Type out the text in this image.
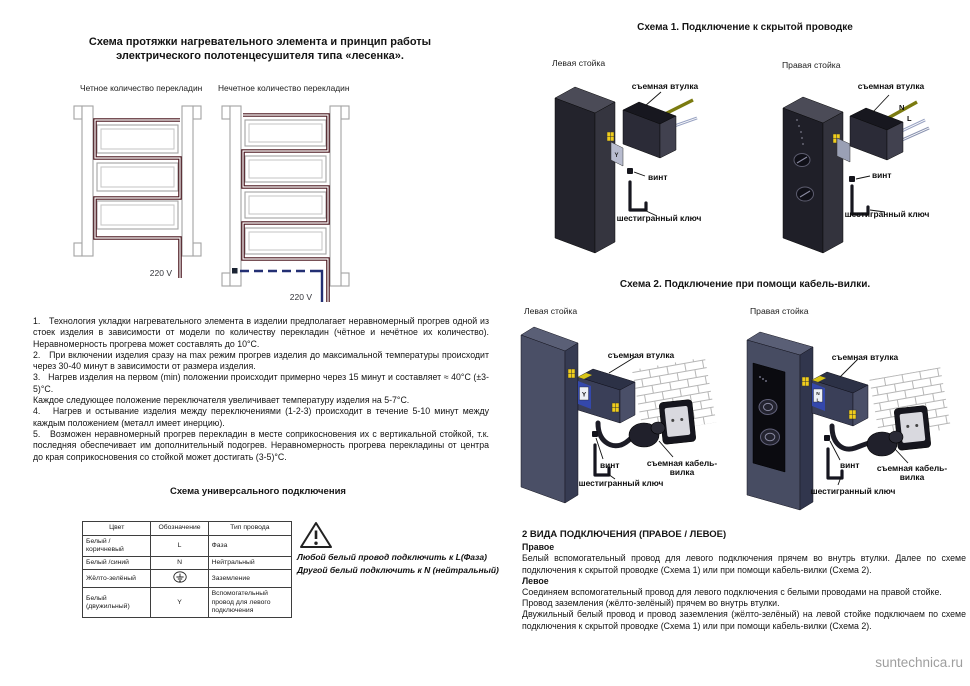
Схема протяжки нагревательного элемента и принцип работы электрического полотенцесушителя типа «лесенка».
Четное количество перекладин Нечетное количество перекладин
220 V
220 V

1.   Технология укладки нагревательного элемента в изделии предполагает неравномерный прогрев одной из стоек изделия в зависимости от модели по количеству перекладин (чётное и нечётное их количество). Неравномерность прогрева может составлять до 10°С.

2.   При включении изделия сразу на max режим прогрев изделия до максимальной температуры происходит через 30-40 минут в зависимости от размера изделия.

3.   Нагрев изделия на первом (min) положении происходит примерно через 15 минут и составляет ≈ 40°С (±3-5)°С.

Каждое следующее положение переключателя увеличивает температуру изделия на 5-7°С.

4.   Нагрев и остывание изделия между переключениями (1-2-3) происходит в течение 5-10 минут между каждым положением (металл имеет инерцию).

5.   Возможен неравномерный прогрев перекладин в месте соприкосновения их с вертикальной стойкой, т.к. последняя обеспечивает им дополнительный подогрев. Неравномерность прогрева перекладины от центра до края соприкосновения со стойкой может достигать (3-5)°С.

Схема универсального подключения
Цвет	Обозначение	Тип провода
Белый /коричневый	L	Фаза
Белый /синий	N	Нейтральный
Жёлто-зелёный		Заземление
Белый (двужильный)	Y	Вспомогательный провод для левого подключения
Любой белый провод подключить к L(Фаза)
Другой белый подключить к N (нейтральный)
Схема 1. Подключение к скрытой проводке
Левая стойка	Правая стойка
Y
съемная втулка	съемная втулка
винт	винт
шестигранный ключ	шестигранный ключ
N
L
Схема 2. Подключение при помощи кабель-вилки.
Левая стойка	Правая стойка
Y	N
L
съемная втулка	съемная втулка
винт	винт
шестигранный ключ
шестигранный ключ
съемная кабель-вилка	съемная кабель-вилка

2 ВИДА ПОДКЛЮЧЕНИЯ (ПРАВОЕ / ЛЕВОЕ)

Правое

Белый вспомогательный провод для левого подключения прячем во внутрь втулки. Далее по схеме подключения к скрытой проводке (Схема 1) или при помощи кабель-вилки (Схема 2).

Левое

Соединяем вспомогательный провод для левого подключения с белыми проводами на правой стойке.

Провод заземления (жёлто-зелёный) прячем во внутрь втулки.

Двужильный белый провод и провод заземления (жёлто-зелёный) на левой стойке подключаем по схеме подключения к скрытой проводке (Схема 1) или при помощи кабель-вилки (Схема 2).

suntechnica.ru
